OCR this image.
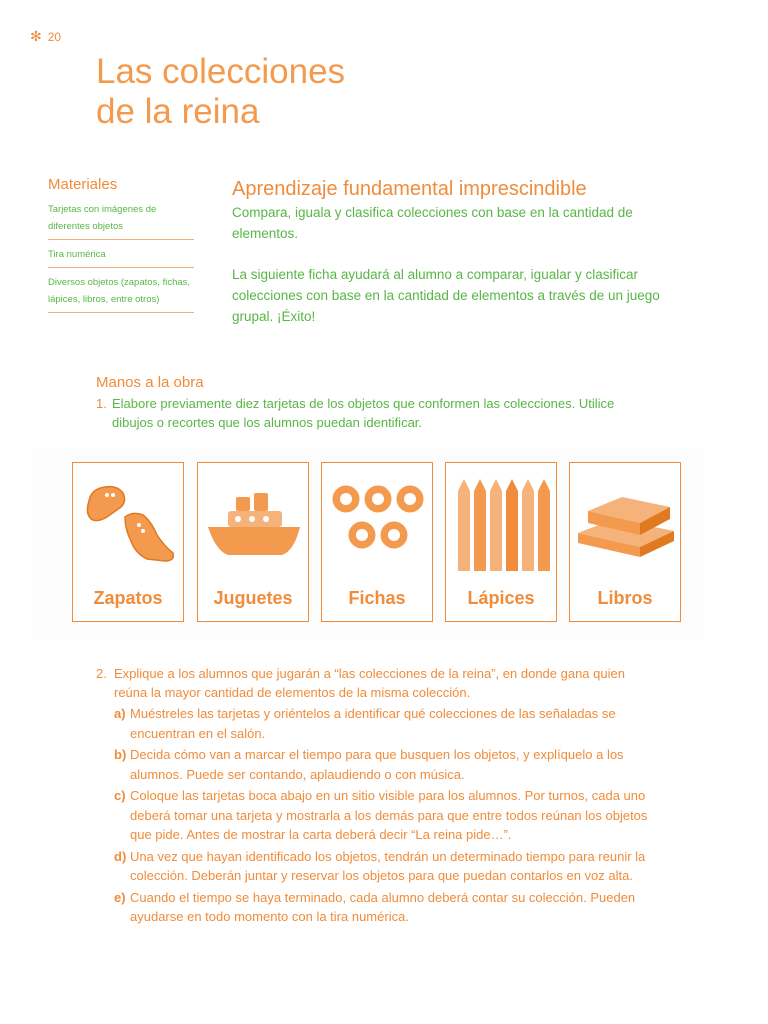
✻ 20
Las colecciones
de la reina
Materiales
Tarjetas con imágenes de diferentes objetos
Tira numérica
Diversos objetos (zapatos, fichas, lápices, libros, entre otros)
Aprendizaje fundamental imprescindible

Compara, iguala y clasifica colecciones con base en la cantidad de elementos.

La siguiente ficha ayudará al alumno a comparar, igualar y clasificar colecciones con base en la cantidad de elementos a través de un juego grupal. ¡Éxito!

Manos a la obra
1. Elabore previamente diez tarjetas de los objetos que conformen las colecciones. Utilice dibujos o recortes que los alumnos puedan identificar.
Zapatos	Juguetes	Fichas	Lápices	Libros
2. Explique a los alumnos que jugarán a “las colecciones de la reina”, en donde gana quien reúna la mayor cantidad de elementos de la misma colección.
a) Muéstreles las tarjetas y oriéntelos a identificar qué colecciones de las señaladas se encuentran en el salón.
b) Decida cómo van a marcar el tiempo para que busquen los objetos, y explíquelo a los alumnos. Puede ser contando, aplaudiendo o con música.
c) Coloque las tarjetas boca abajo en un sitio visible para los alumnos. Por turnos, cada uno deberá tomar una tarjeta y mostrarla a los demás para que entre todos reúnan los objetos que pide. Antes de mostrar la carta deberá decir “La reina pide…”.
d) Una vez que hayan identificado los objetos, tendrán un determinado tiempo para reunir la colección. Deberán juntar y reservar los objetos para que puedan contarlos en voz alta.
e) Cuando el tiempo se haya terminado, cada alumno deberá contar su colección. Pueden ayudarse en todo momento con la tira numérica.
